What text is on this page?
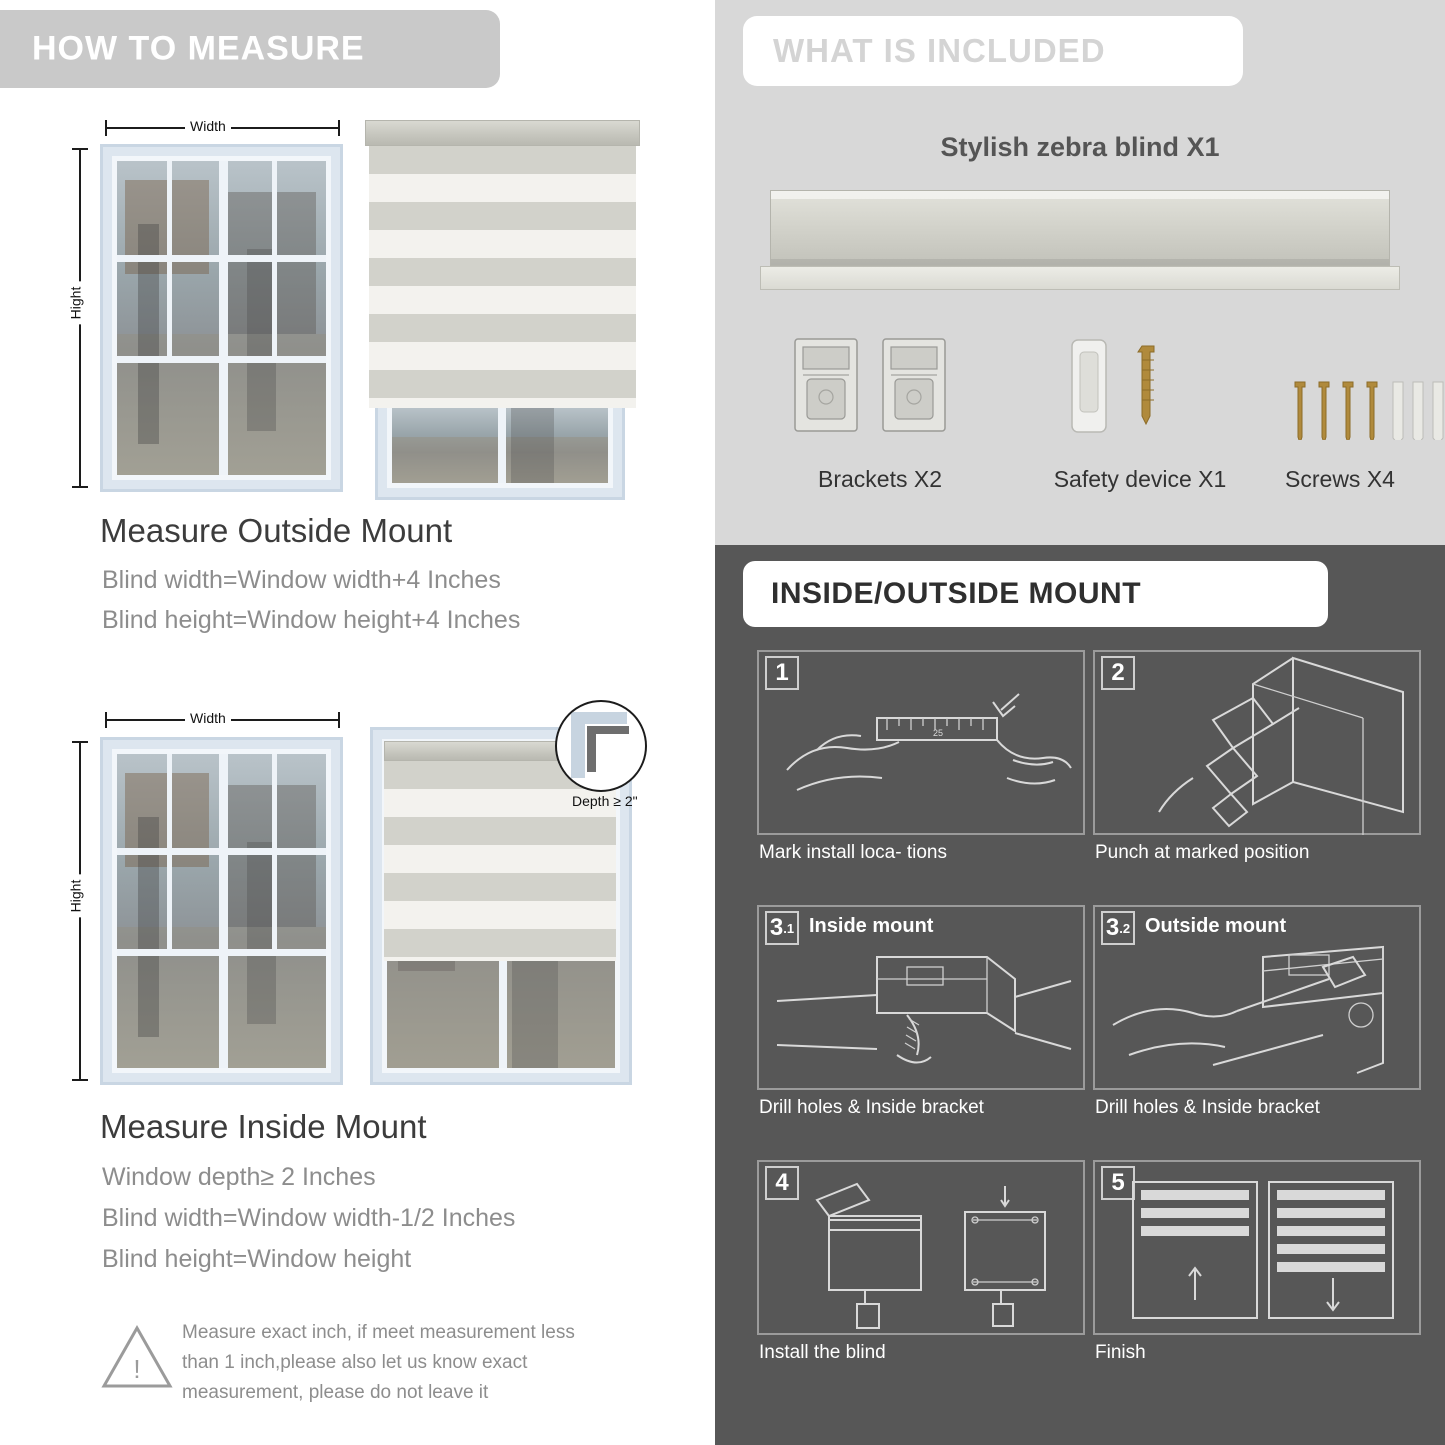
HOW TO MEASURE
Width
Hight
Measure Outside Mount
Blind width=Window width+4 Inches
Blind height=Window height+4 Inches
Width
Hight
Depth ≥ 2"
Measure Inside Mount
Window depth≥ 2 Inches
Blind width=Window width-1/2 Inches
Blind height=Window height
!
Measure exact inch, if meet measurement less
than 1 inch,please also let us know exact
measurement, please do not leave it
WHAT IS INCLUDED
Stylish zebra blind X1
Brackets X2	Safety device X1	Screws X4
INSIDE/OUTSIDE MOUNT
1
25
Mark install loca- tions
2
Punch at marked position
3 .1 Inside mount
Drill holes & Inside bracket
3 .2 Outside mount
Drill holes & Inside bracket
4
Install the blind
5
Finish
